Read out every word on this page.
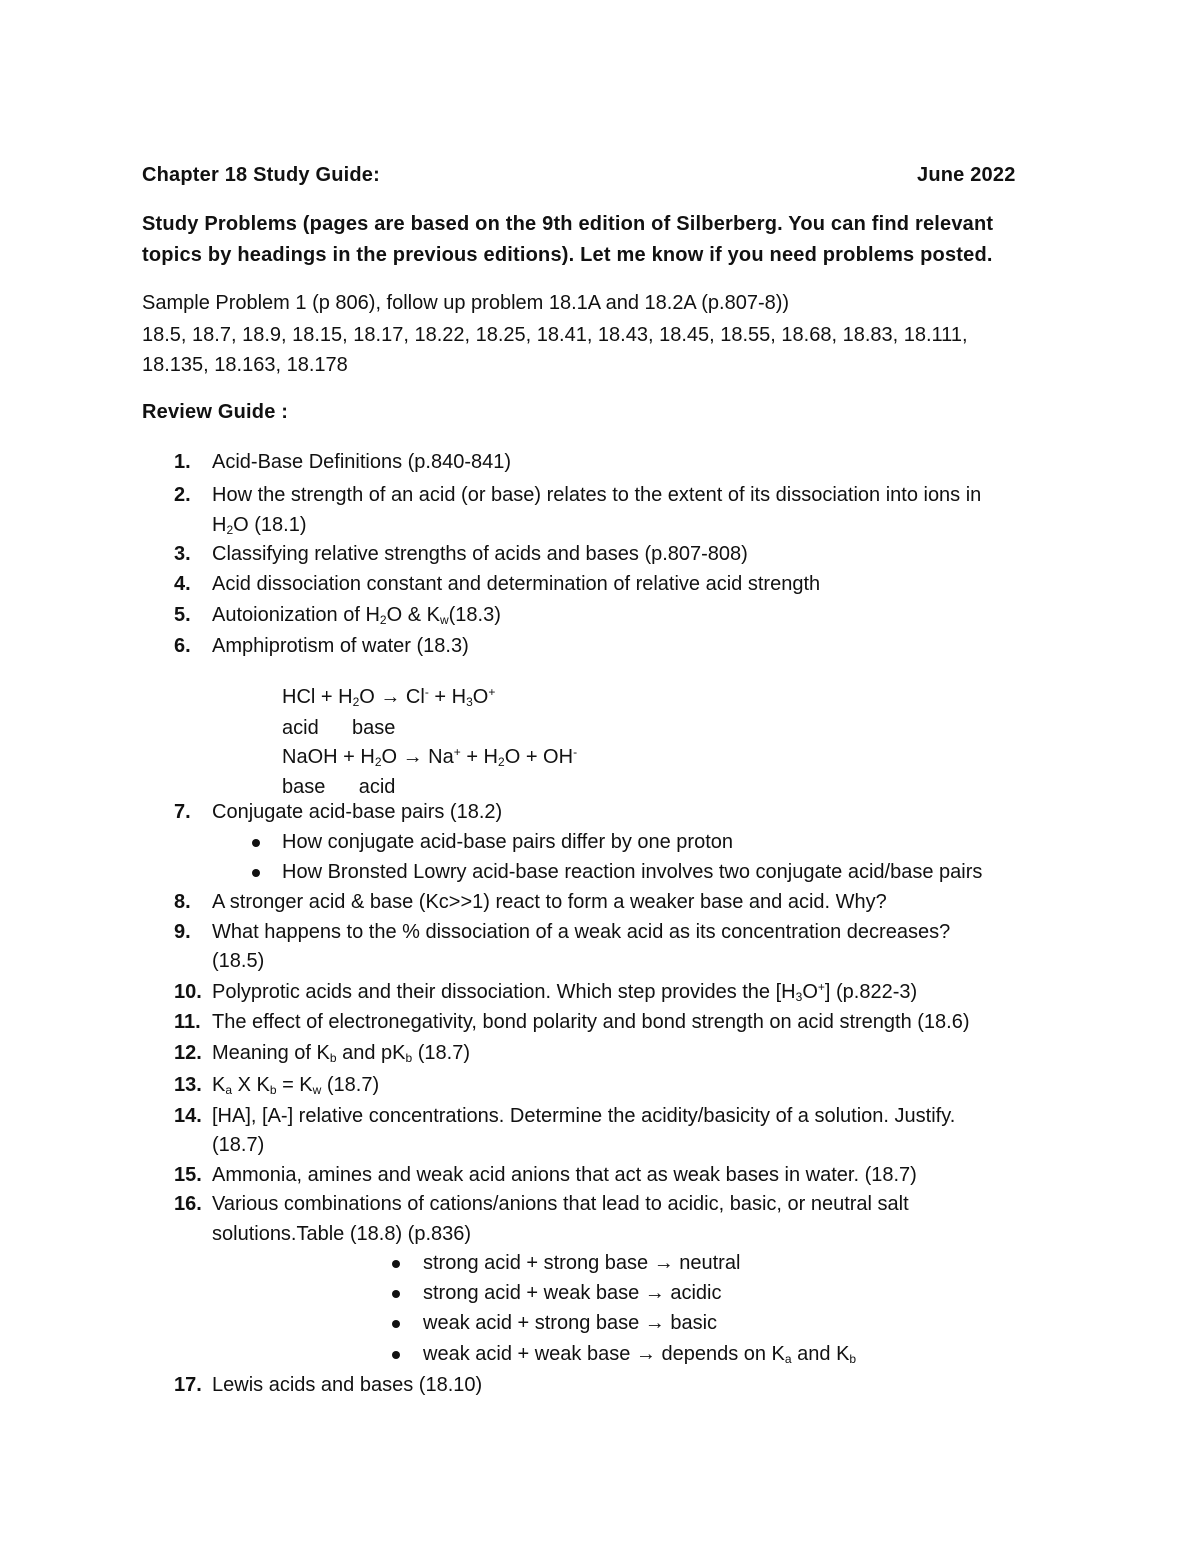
Chapter 18 Study Guide:	June 2022
Study Problems (pages are based on the 9th edition of Silberberg. You can find relevant
topics by headings in the previous editions). Let me know if you need problems posted.
Sample Problem 1 (p 806), follow up problem 18.1A and 18.2A (p.807-8))
18.5, 18.7, 18.9, 18.15, 18.17, 18.22, 18.25, 18.41, 18.43, 18.45, 18.55, 18.68, 18.83, 18.111,
18.135, 18.163, 18.178
Review Guide :
1.	Acid-Base Definitions (p.840-841)
2.	How the strength of an acid (or base) relates to the extent of its dissociation into ions in
$H_2O$ (18.1)
3.	Classifying relative strengths of acids and bases (p.807-808)
4.	Acid dissociation constant and determination of relative acid strength
5.	Autoionization of $H_2O$ & $K_w(18.3)$
6.	Amphiprotism of water (18.3)
HCl + $H_2O \to Cl^- + H_3O^+$
acid      base
NaOH + $H_2O \to Na^+ + H_2O + OH^-$
base      acid
7.	Conjugate acid-base pairs (18.2)
How conjugate acid-base pairs differ by one proton
How Bronsted Lowry acid-base reaction involves two conjugate acid/base pairs
8.	A stronger acid & base (Kc>>1) react to form a weaker base and acid. Why?
9.	What happens to the % dissociation of a weak acid as its concentration decreases?
(18.5)
10. Polyprotic acids and their dissociation. Which step provides the $[H_3O^+]$ (p.822-3)
11. The effect of electronegativity, bond polarity and bond strength on acid strength (18.6)
12. Meaning of $K_b$ and $pK_b$ (18.7)
13. $K_a$ X $K_b = K_w$ (18.7)
14. [HA], [A-] relative concentrations. Determine the acidity/basicity of a solution. Justify.
(18.7)
15. Ammonia, amines and weak acid anions that act as weak bases in water. (18.7)
16. Various combinations of cations/anions that lead to acidic, basic, or neutral salt
solutions.Table (18.8) (p.836)
strong acid + strong base → neutral
strong acid + weak base → acidic
weak acid + strong base → basic
weak acid + weak base → depends on $K_a$ and $K_b$
17. Lewis acids and bases (18.10)
